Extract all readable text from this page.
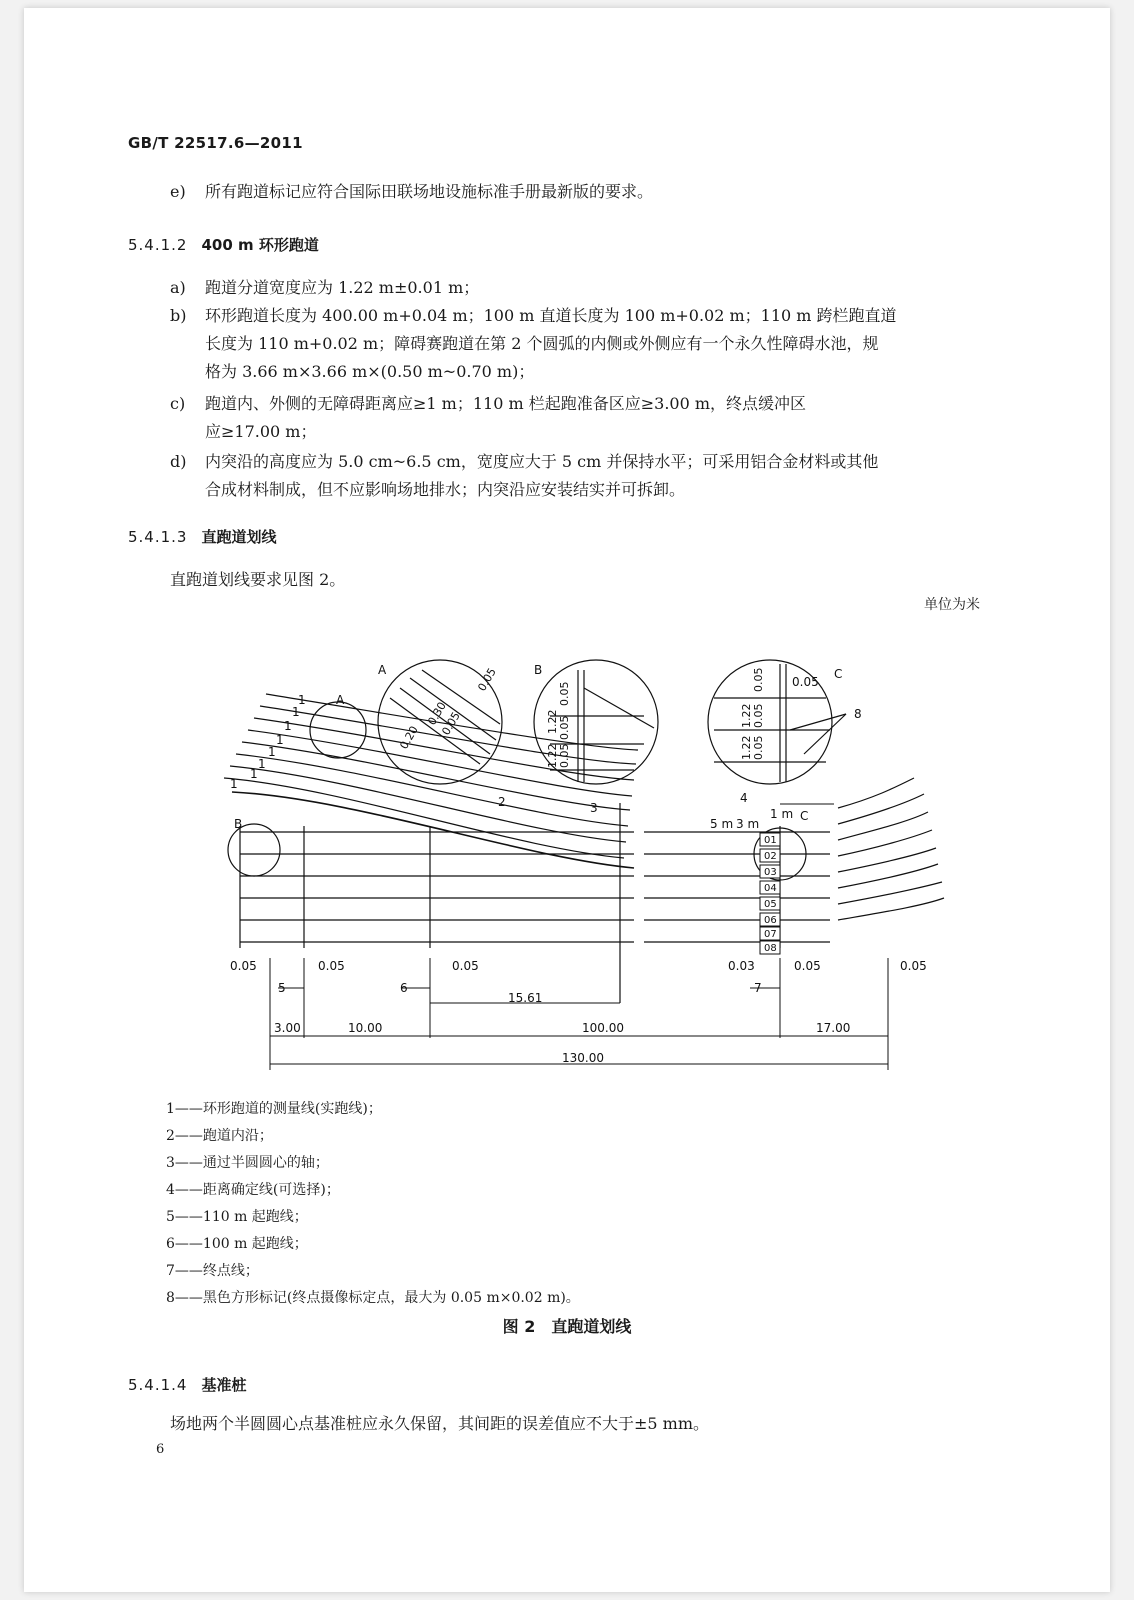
GB/T 22517.6—2011
e) 所有跑道标记应符合国际田联场地设施标准手册最新版的要求。
5.4.1.2 400 m 环形跑道
a) 跑道分道宽度应为 1.22 m±0.01 m；
b) 环形跑道长度为 400.00 m+0.04 m；100 m 直道长度为 100 m+0.02 m；110 m 跨栏跑直道
长度为 110 m+0.02 m；障碍赛跑道在第 2 个圆弧的内侧或外侧应有一个永久性障碍水池，规
格为 3.66 m×3.66 m×(0.50 m~0.70 m)；
c) 跑道内、外侧的无障碍距离应≥1 m；110 m 栏起跑准备区应≥3.00 m，终点缓冲区
应≥17.00 m；
d) 内突沿的高度应为 5.0 cm~6.5 cm，宽度应大于 5 cm 并保持水平；可采用铝合金材料或其他
合成材料制成，但不应影响场地排水；内突沿应安装结实并可拆卸。
5.4.1.3 直跑道划线
直跑道划线要求见图 2。
单位为米
A
A	B
B
C
C
1
1
1
1
1
1
1
1
2	3
4
5	6	7
8
5 m 3 m
1 m
0.05	0.05	0.05	0.03	0.05	0.05
0.05
15.61
3.00	10.00	100.00	17.00
130.00
01
02
03
04
05
06
07
08
0.20
0.30
0.05
0.05
0.05
0.05
1.22
1.22 0.05
0.05
1.22 0.05
1.22 0.05
1——环形跑道的测量线(实跑线)；
2——跑道内沿；
3——通过半圆圆心的轴；
4——距离确定线(可选择)；
5——110 m 起跑线；
6——100 m 起跑线；
7——终点线；
8——黑色方形标记(终点摄像标定点，最大为 0.05 m×0.02 m)。
图 2　直跑道划线
5.4.1.4 基准桩
场地两个半圆圆心点基准桩应永久保留，其间距的误差值应不大于±5 mm。
6
